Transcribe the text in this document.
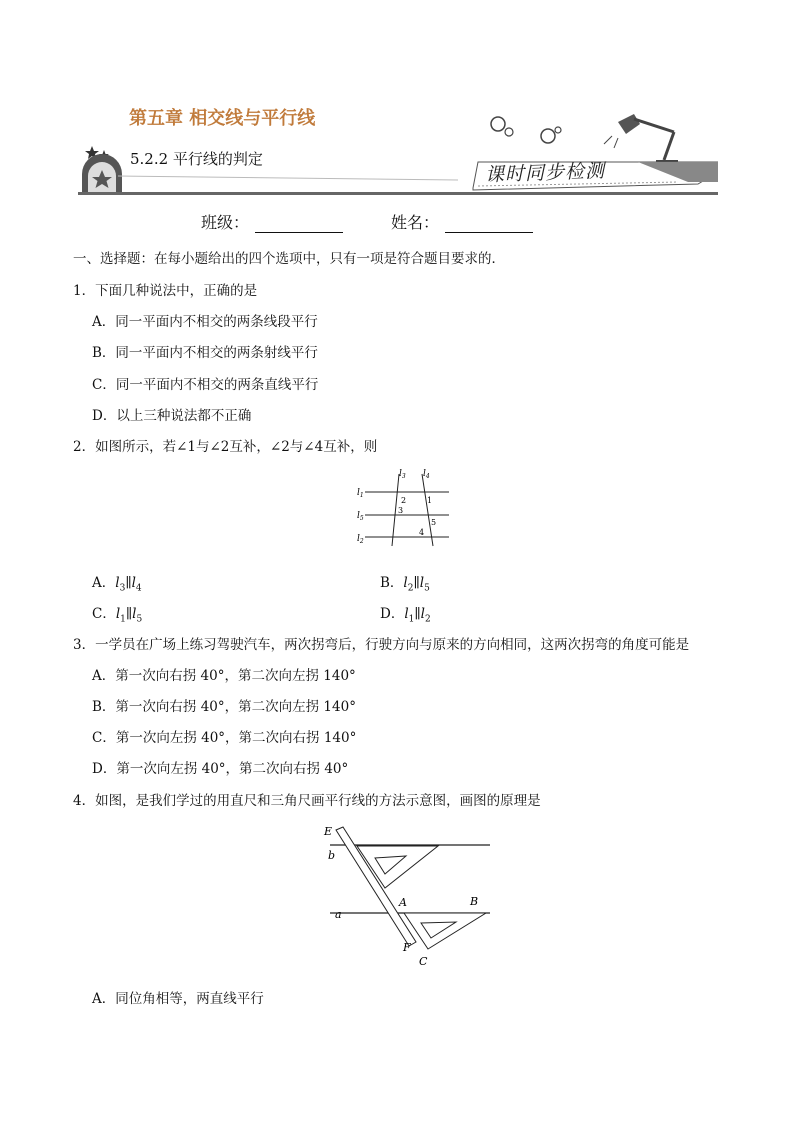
第五章 相交线与平行线
5.2.2 平行线的判定
课时同步检测
班级：	姓名：
一、选择题：在每小题给出的四个选项中，只有一项是符合题目要求的．
1．下面几种说法中，正确的是
A．同一平面内不相交的两条线段平行
B．同一平面内不相交的两条射线平行
C．同一平面内不相交的两条直线平行
D．以上三种说法都不正确
2．如图所示，若∠1与∠2互补，∠2与∠4互补，则
$l_3$ $l_4$
$l_1$
$l_5$
$l_2$
2	1
3
5
4
A．$l_3\parallel l_4$	B．$l_2\parallel l_5$
C．$l_1\parallel l_5$	D．$l_1\parallel l_2$
3．一学员在广场上练习驾驶汽车，两次拐弯后，行驶方向与原来的方向相同，这两次拐弯的角度可能是
A．第一次向右拐 40°，第二次向左拐 140°
B．第一次向右拐 40°，第二次向左拐 140°
C．第一次向左拐 40°，第二次向右拐 140°
D．第一次向左拐 40°，第二次向右拐 40°
4．如图，是我们学过的用直尺和三角尺画平行线的方法示意图，画图的原理是
E
b
A	B
a
F
C
A．同位角相等，两直线平行
